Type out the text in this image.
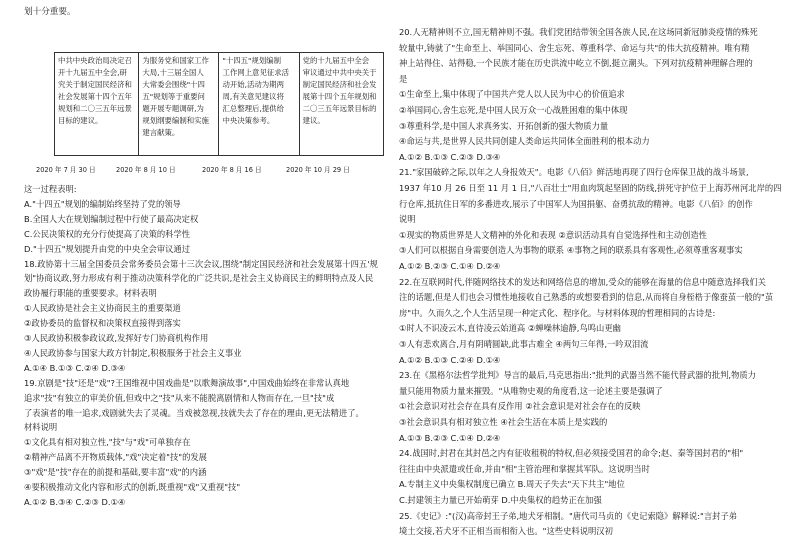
划十分重要。
中共中央政治局决定召
开十九届五中全会,研
究关于制定国民经济和
社会发展第十四个五年
规划和二〇三五年远景
目标的建议。	为服务党和国家工作
大局,十三届全国人
大常委会围绕"十四
五"规划等于重要问
题开展专题调研,为
规划纲要编制和实施
建言献策。	"十四五"规划编制
工作网上意见征求活
动开始,活动为期两
周,有关意见建议将
汇总整理后,提供给
中央决策参考。	党的十九届五中全会
审议通过中共中央关于
制定国民经济和社会发
展第十四个五年规划和
二〇三五年远景目标的
建议。
2020 年 7 月 30 日	2020 年 8 月 10 日	2020 年 8 月 16 日	2020 年 10 月 29 日
这一过程表明:
A."十四五"规划的编制始终坚持了党的领导
B.全国人大在规划编制过程中行使了最高决定权
C.公民决策权的充分行使提高了决策的科学性
D."十四五"规划提升由党的中央全会审议通过
18.政协第十三届全国委员会常务委员会第十三次会议,围绕"制定国民经济和社会发展第十四五'规
划"协商议政,努力形成有利于推动决策科学化的广泛共识,是社会主义协商民主的鲜明特点及人民
政协履行职能的重要要求。材料表明
①人民政协是社会主义协商民主的重要渠道
②政协委员的监督权和决策权直接得到落实
③人民政协积极参政议政,发挥好专门协商机构作用
④人民政协参与国家大政方针制定,积极服务于社会主义事业
A.①④ B.①③ C.②④ D.③④
19.京剧是"技"还是"戏"?王国维视中国戏曲是"以歌舞演故事",中国戏曲始终在非常认真地
追求"技"有独立的审美价值,但戏中之"技"从来不能脱离剧情和人物而存在,一旦"技"成
了表演者的唯一追求,戏剧就失去了灵魂。当戏被忽视,技就失去了存在的理由,更无法精进了。
材料说明
①文化具有相对独立性,"技"与"戏"可单独存在
②精神产品离不开物质载体,"戏"决定着"技"的发展
③"戏"是"技"存在的前提和基础,要丰富"戏"的内涵
④要积极推动文化内容和形式的创新,既重视"戏"又重视"技"
A.①② B.③④ C.②③ D.①④
20.人无精神则不立,国无精神则不强。我们党团结带领全国各族人民,在这场同新冠肺炎疫情的殊死
较量中,铸就了"生命至上、举国同心、舍生忘死、尊重科学、命运与共"的伟大抗疫精神。唯有精
神上站得住、站得稳,一个民族才能在历史洪流中屹立不倒,挺立潮头。下列对抗疫精神理解合理的
是
①生命至上,集中体现了中国共产党人以人民为中心的价值追求
②举国同心,舍生忘死,是中国人民万众一心战胜困难的集中体现
③尊重科学,是中国人求真务实、开拓创新的强大物质力量
④命运与共,是世界人民共同创建人类命运共同体全面胜利的根本动力
A.①② B.①③ C.②③ D.③④
21."家国破碎之际,以年之人身报效天"。电影《八佰》鲜活地再现了四行仓库保卫战的战斗场景,
1937 年10 月 26 日至 11 月 1 日,"八百壮士"用血肉筑起坚固的防线,拼死守护位于上海苏州河北岸的四
行仓库,抵抗住日军的多番进攻,展示了中国军人为国捐躯、奋勇抗敌的精神。电影《八佰》的创作
说明
①现实的物质世界是人文精神的外化和表现 ②意识活动具有自觉选择性和主动创造性
③人们可以根据自身需要创造人为事物的联系 ④事物之间的联系具有客观性,必须尊重客观事实
A.①② B.②③ C.①④ D.②④
22.在互联网时代,伴随网络技术的发达和网络信息的增加,受众的能够在海量的信息中随意选择我们关
注的话题,但是人们也会习惯性地接收自己熟悉的或想要看到的信息,从而将自身桎梏于像蚕茧一般的"茧
房"中。久而久之,个人生活呈现一种定式化、程序化。与材料体现的哲理相同的古诗是:
①时人不识凌云木,直待凌云始道高 ②蝉噪林逾静,鸟鸣山更幽
③人有悲欢离合,月有阴晴圆缺,此事古难全 ④两句三年得,一吟双泪流
A.①② B.①③ C.②④ D.①④
23.在《黑格尔法哲学批判》导言的最后,马克思指出:"批判的武器当然不能代替武器的批判,物质力
量只能用物质力量来摧毁。"从唯物史观的角度看,这一论述主要是强调了
①社会意识对社会存在具有反作用 ②社会意识是对社会存在的反映
③社会意识具有相对独立性 ④社会生活在本质上是实践的
A.①③ B.②③ C.①④ D.②④
24.战国时,封君在其封邑之内有征收租税的特权,但必须接受国君的命令;赵、秦等国封君的"相"
往往由中央派遣或任命,并由"相"主管治理和掌握其军队。这说明当时
A.专制主义中央集权制度已确立 B.周天子失去"天下共主"地位
C.封建领主力量已开始萌芽 D.中央集权的趋势正在加强
25.《史记》:"(汉)高帝封王子弟,地犬牙相制。"唐代司马贞的《史记索隐》解释说:"言封子弟
境土交接,若犬牙不正相当而相衔入也。"这些史料说明汉初
